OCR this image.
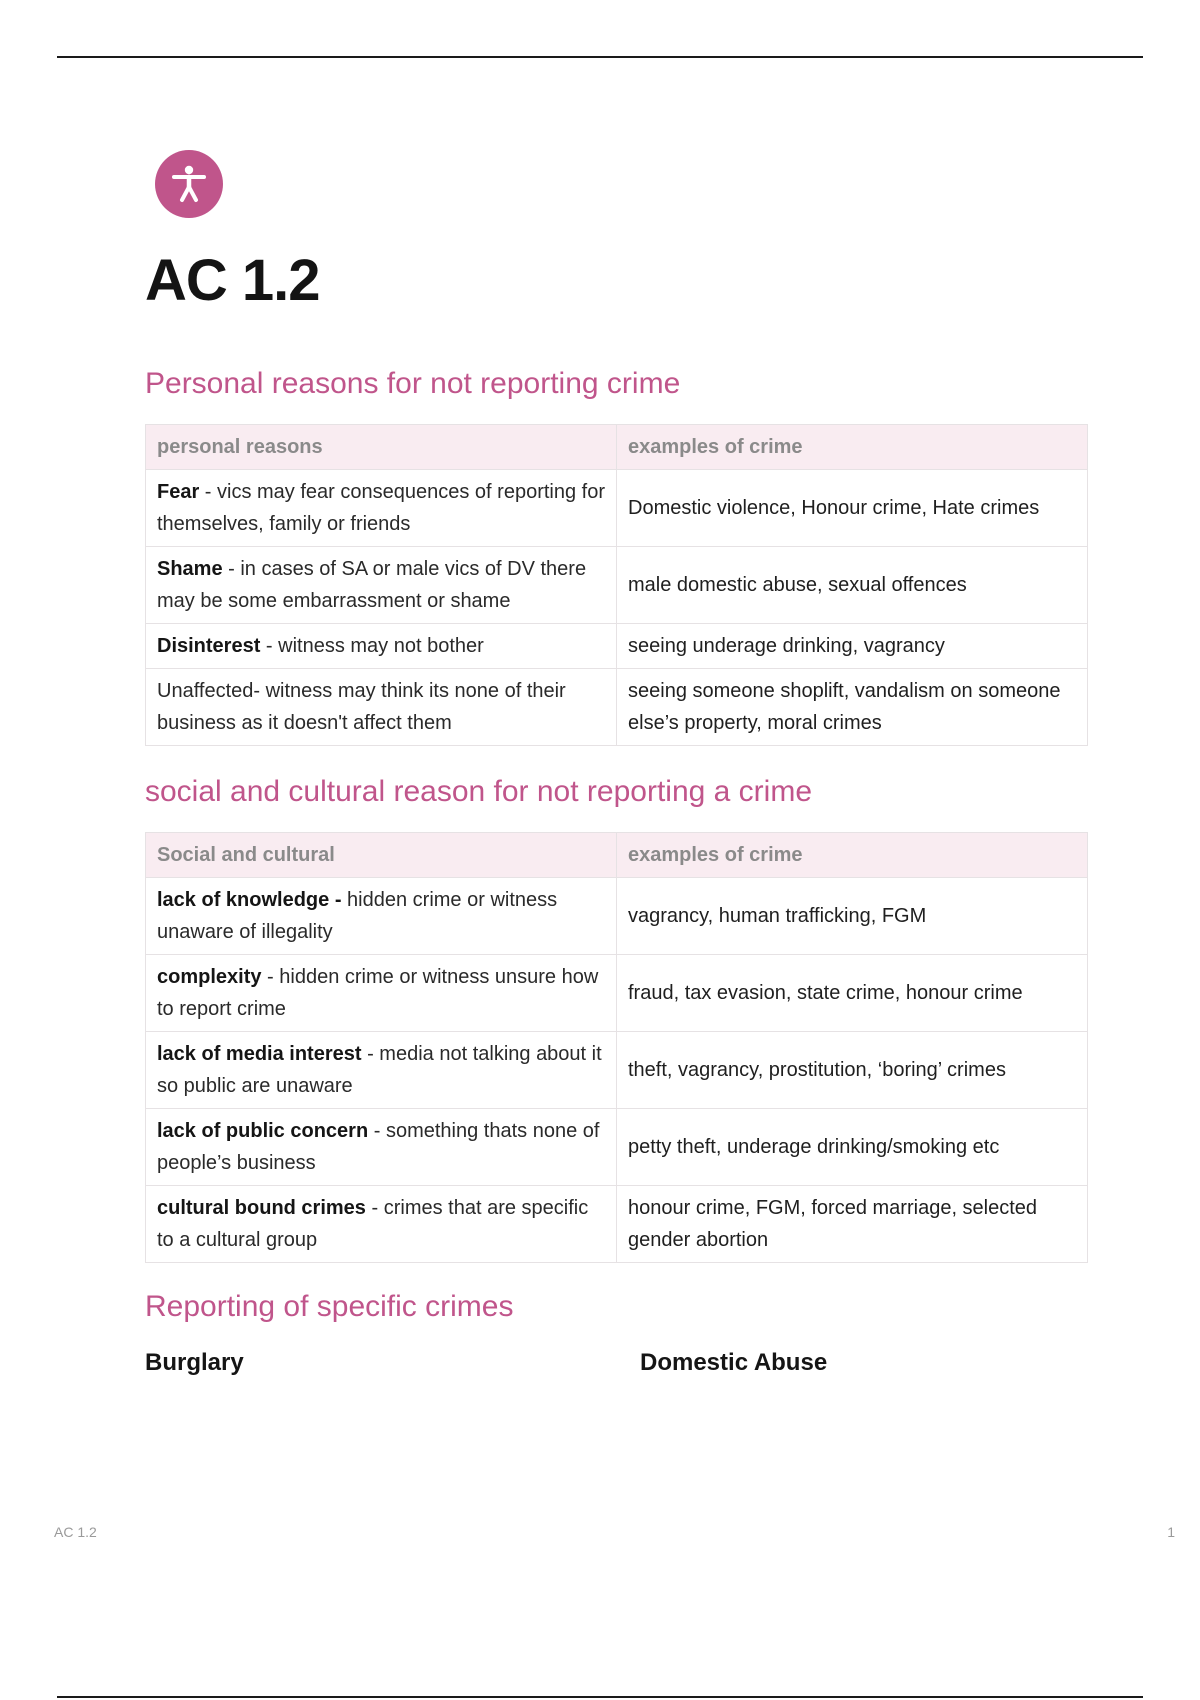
AC 1.2
Personal reasons for not reporting crime
personal reasons	examples of crime
Fear - vics may fear consequences of reporting for themselves, family or friends	Domestic violence, Honour crime, Hate crimes
Shame - in cases of SA or male vics of DV there may be some embarrassment or shame	male domestic abuse, sexual offences
Disinterest - witness may not bother	seeing underage drinking, vagrancy
Unaffected- witness may think its none of their business as it doesn't affect them	seeing someone shoplift, vandalism on someone else’s property, moral crimes
social and cultural reason for not reporting a crime
Social and cultural	examples of crime
lack of knowledge - hidden crime or witness unaware of illegality	vagrancy, human trafficking, FGM
complexity - hidden crime or witness unsure how to report crime	fraud, tax evasion, state crime, honour crime
lack of media interest - media not talking about it so public are unaware	theft, vagrancy, prostitution, ‘boring’ crimes
lack of public concern - something thats none of people’s business	petty theft, underage drinking/smoking etc
cultural bound crimes - crimes that are specific to a cultural group	honour crime, FGM, forced marriage, selected gender abortion
Reporting of specific crimes
Burglary	Domestic Abuse
AC 1.2	1
